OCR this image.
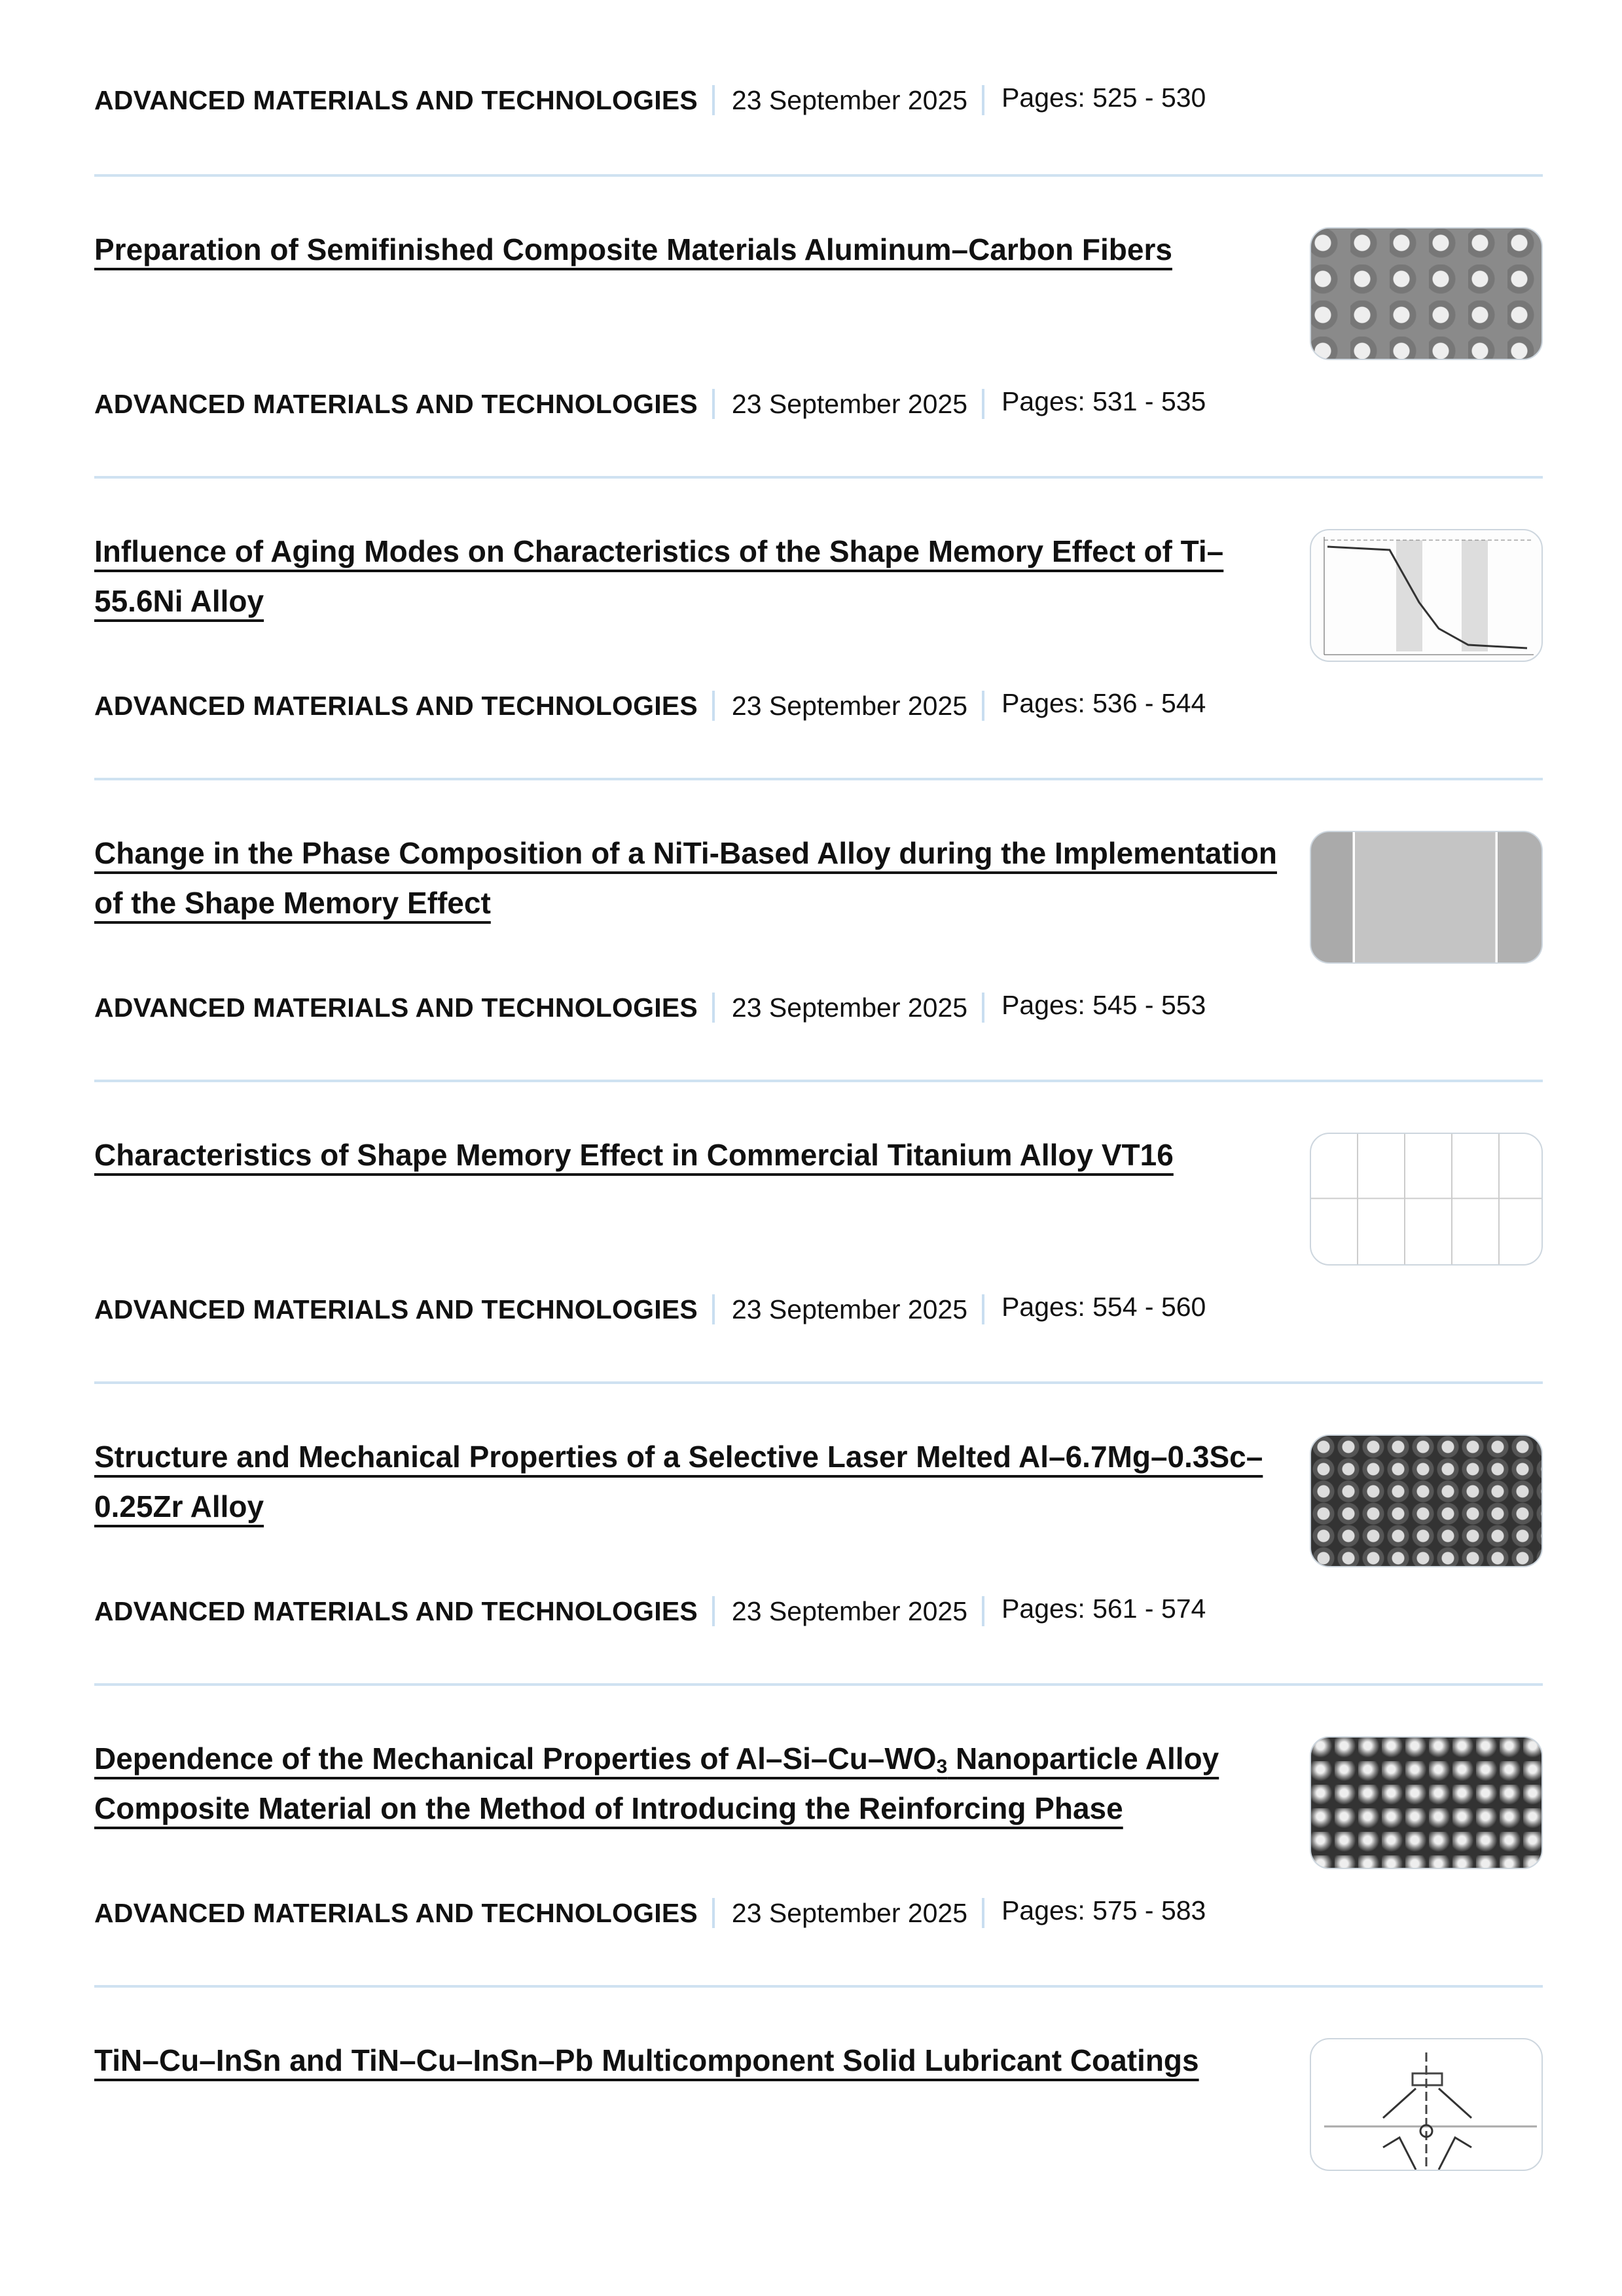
ADVANCED MATERIALS AND TECHNOLOGIES 23 September 2025 Pages: 525 - 530
Preparation of Semifinished Composite Materials Aluminum–Carbon Fibers
ADVANCED MATERIALS AND TECHNOLOGIES 23 September 2025 Pages: 531 - 535
Influence of Aging Modes on Characteristics of the Shape Memory Effect of Ti–55.6Ni Alloy
ADVANCED MATERIALS AND TECHNOLOGIES 23 September 2025 Pages: 536 - 544
Change in the Phase Composition of a NiTi-Based Alloy during the Implementation of the Shape Memory Effect
ADVANCED MATERIALS AND TECHNOLOGIES 23 September 2025 Pages: 545 - 553
Characteristics of Shape Memory Effect in Commercial Titanium Alloy VT16
ADVANCED MATERIALS AND TECHNOLOGIES 23 September 2025 Pages: 554 - 560
Structure and Mechanical Properties of a Selective Laser Melted Al–6.7Mg–0.3Sc–0.25Zr Alloy
ADVANCED MATERIALS AND TECHNOLOGIES 23 September 2025 Pages: 561 - 574
Dependence of the Mechanical Properties of $Al-Si-Cu-WO_3$ Nanoparticle Alloy Composite Material on the Method of Introducing the Reinforcing Phase
ADVANCED MATERIALS AND TECHNOLOGIES 23 September 2025 Pages: 575 - 583
TiN–Cu–InSn and TiN–Cu–InSn–Pb Multicomponent Solid Lubricant Coatings
